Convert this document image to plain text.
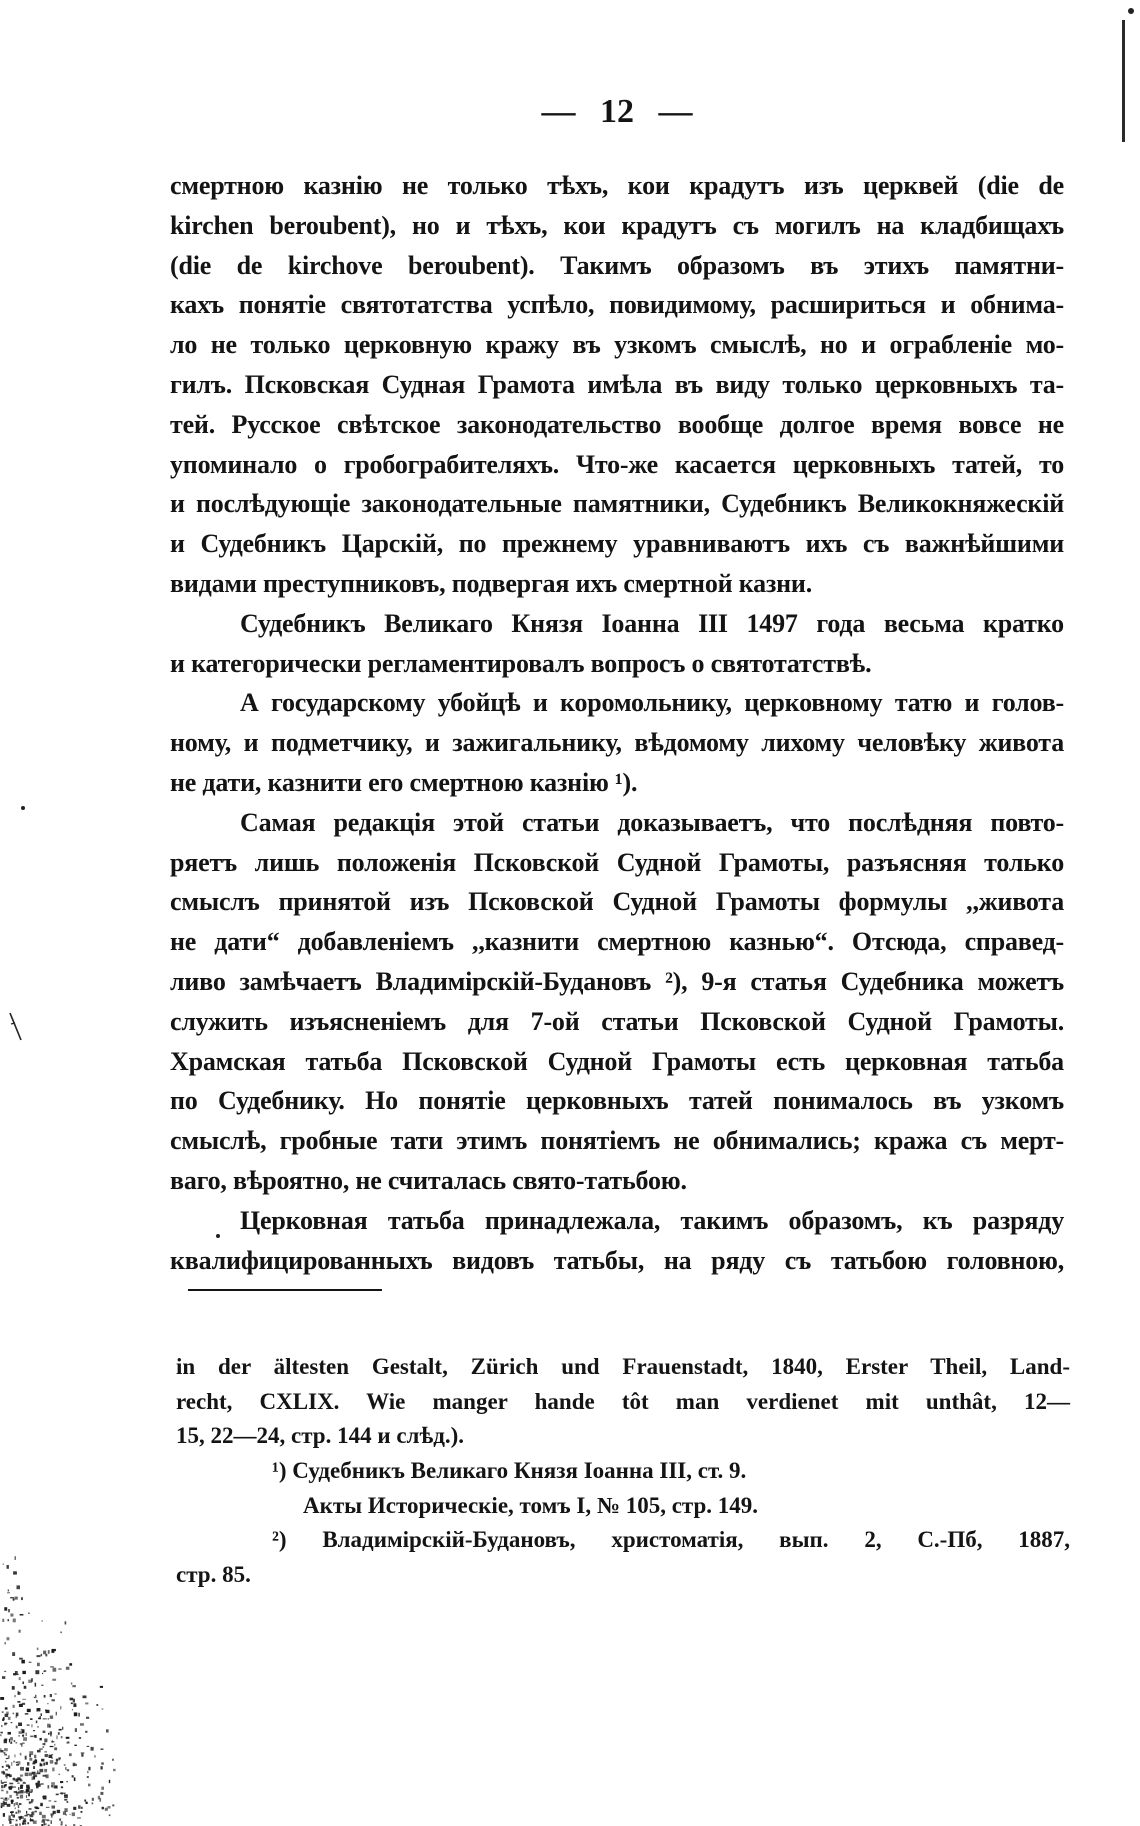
— 12 —
смертною казнію не только тѣхъ, кои крадутъ изъ церквей (die de
kirchen beroubent), но и тѣхъ, кои крадутъ съ могилъ на кладбищахъ
(die de kirchove beroubent). Такимъ образомъ въ этихъ памятни-
кахъ понятіе святотатства успѣло, повидимому, расшириться и обнима-
ло не только церковную кражу въ узкомъ смыслѣ, но и ограбленіе мо-
гилъ. Псковская Судная Грамота имѣла въ виду только церковныхъ та-
тей. Русское свѣтское законодательство вообще долгое время вовсе не
упоминало о гробограбителяхъ. Что-же касается церковныхъ татей, то
и послѣдующіе законодательные памятники, Судебникъ Великокняжескій
и Судебникъ Царскій, по прежнему уравниваютъ ихъ съ важнѣйшими
видами преступниковъ, подвергая ихъ смертной казни.
Судебникъ Великаго Князя Іоанна III 1497 года весьма кратко
и категорически регламентировалъ вопросъ о святотатствѣ.
А государскому убойцѣ и коромольнику, церковному татю и голов-
ному, и подметчику, и зажигальнику, вѣдомому лихому человѣку живота
не дати, казнити его смертною казнію ¹).
Самая редакція этой статьи доказываетъ, что послѣдняя повто-
ряетъ лишь положенія Псковской Судной Грамоты, разъясняя только
смыслъ принятой изъ Псковской Судной Грамоты формулы ,,живота
не дати“ добавленіемъ ,,казнити смертною казнью“. Отсюда, справед-
ливо замѣчаетъ Владимірскій-Будановъ ²), 9-я статья Судебника можетъ
служить изъясненіемъ для 7-ой статьи Псковской Судной Грамоты.
Храмская татьба Псковской Судной Грамоты есть церковная татьба
по Судебнику. Но понятіе церковныхъ татей понималось въ узкомъ
смыслѣ, гробные тати этимъ понятіемъ не обнимались; кража съ мерт-
ваго, вѣроятно, не считалась свято-татьбою.
Церковная татьба принадлежала, такимъ образомъ, къ разряду
квалифицированныхъ видовъ татьбы, на ряду съ татьбою головною,
in der ältesten Gestalt, Zürich und Frauenstadt, 1840, Erster Theil, Land-
recht, CXLIX. Wie manger hande tôt man verdienet mit unthât, 12—
15, 22—24, стр. 144 и слѣд.).
¹) Судебникъ Великаго Князя Іоанна III, ст. 9.
Акты Историческіе, томъ I, № 105, стр. 149.
²) Владимірскій-Будановъ, христоматія, вып. 2, С.-Пб, 1887,
стр. 85.
